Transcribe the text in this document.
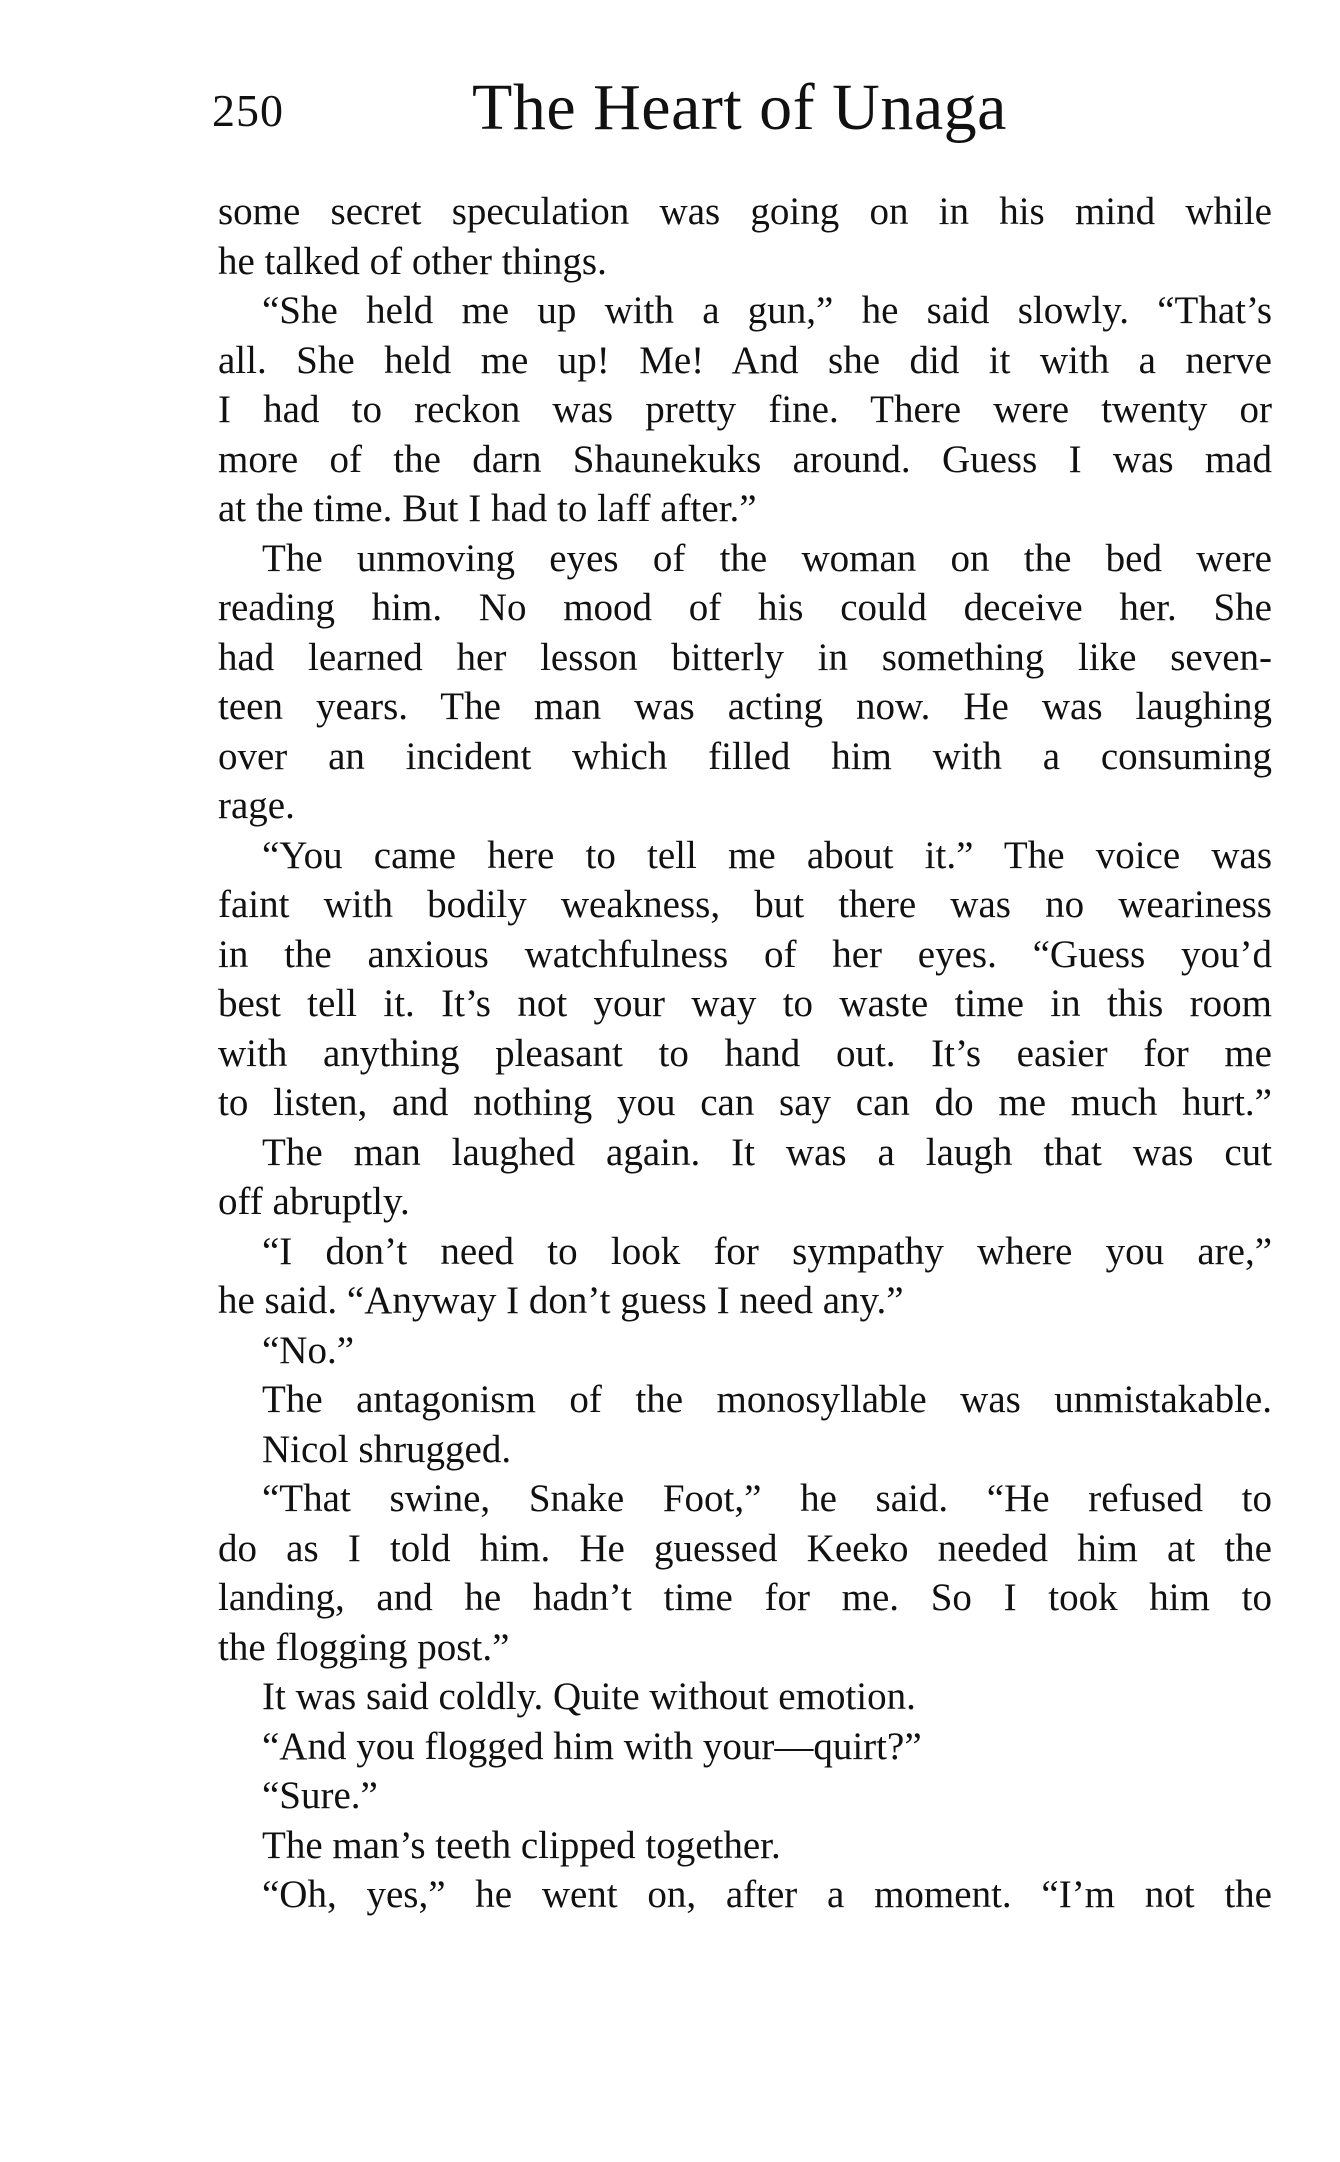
250	The Heart of Unaga
some secret speculation was going on in his mind while
he talked of other things.
“She held me up with a gun,” he said slowly. “That’s
all. She held me up! Me! And she did it with a nerve
I had to reckon was pretty fine. There were twenty or
more of the darn Shaunekuks around. Guess I was mad
at the time. But I had to laff after.”
The unmoving eyes of the woman on the bed were
reading him. No mood of his could deceive her. She
had learned her lesson bitterly in something like seven-
teen years. The man was acting now. He was laughing
over an incident which filled him with a consuming
rage.
“You came here to tell me about it.” The voice was
faint with bodily weakness, but there was no weariness
in the anxious watchfulness of her eyes. “Guess you’d
best tell it. It’s not your way to waste time in this room
with anything pleasant to hand out. It’s easier for me
to listen, and nothing you can say can do me much hurt.”
The man laughed again. It was a laugh that was cut
off abruptly.
“I don’t need to look for sympathy where you are,”
he said. “Anyway I don’t guess I need any.”
“No.”
The antagonism of the monosyllable was unmistakable.
Nicol shrugged.
“That swine, Snake Foot,” he said. “He refused to
do as I told him. He guessed Keeko needed him at the
landing, and he hadn’t time for me. So I took him to
the flogging post.”
It was said coldly. Quite without emotion.
“And you flogged him with your—quirt?”
“Sure.”
The man’s teeth clipped together.
“Oh, yes,” he went on, after a moment. “I’m not the
